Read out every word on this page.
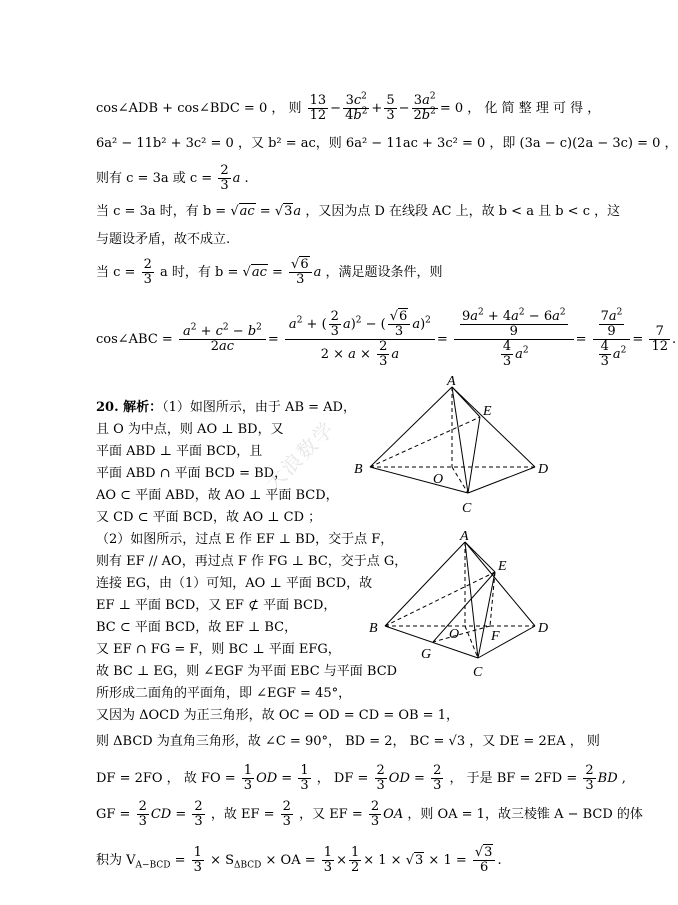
大浪数学
cos∠ADB + cos∠BDC = 0 ， 则 $\frac{13}{12} - \frac{3c^2}{4b^2} + \frac{5}{3} - \frac{3a^2}{2b^2} = 0$ ， 化 简 整 理 可 得 ，
6a² − 11b² + 3c² = 0 ，又 b² = ac，则 6a² − 11ac + 3c² = 0 ，即 (3a − c)(2a − 3c) = 0 ，
则有 c = 3a 或 $c = \frac{2}{3}$ a .
当 c = 3a 时，有 b = √ac = √3a ，又因为点 D 在线段 AC 上，故 b < a 且 b < c ，这
与题设矛盾，故不成立.
当 $c = \frac{2}{3}$ a 时，有 $b = √ac = \frac{√6}{3}$ a ，满足题设条件，则
cos∠ABC = $\frac{a^2 + c^2 - b^2}{2ac} = \frac{a^2 + ( \frac{2}{3} a)^2 - ( \frac{√6}{3} a)^2}{2 \times a \times \frac{2}{3} a} = \frac{\frac{9a^2 + 4a^2 - 6a^2}{9}}{\frac{4}{3} a^2} = \frac{\frac{7a^2}{9}}{\frac{4}{3} a^2} = \frac{7}{12}$ .
20. 解析：（1）如图所示，由于 AB = AD，
且 O 为中点，则 AO ⊥ BD，又
平面 ABD ⊥ 平面 BCD，且
平面 ABD ∩ 平面 BCD = BD，
AO ⊂ 平面 ABD，故 AO ⊥ 平面 BCD，
又 CD ⊂ 平面 BCD，故 AO ⊥ CD ；
（2）如图所示，过点 E 作 EF ⊥ BD，交于点 F，
则有 EF // AO，再过点 F 作 FG ⊥ BC，交于点 G，
连接 EG，由（1）可知，AO ⊥ 平面 BCD，故
EF ⊥ 平面 BCD，又 EF ⊄ 平面 BCD，
BC ⊂ 平面 BCD，故 EF ⊥ BC，
又 EF ∩ FG = F，则 BC ⊥ 平面 EFG，
故 BC ⊥ EG，则 ∠EGF 为平面 EBC 与平面 BCD
所形成二面角的平面角，即 ∠EGF = 45°，
又因为 ΔOCD 为正三角形，故 OC = OD = CD = OB = 1，
则 ΔBCD 为直角三角形，故 ∠C = 90°， BD = 2， BC = √3 ，又 DE = 2EA ， 则
DF = 2FO ， 故 FO = $\frac{1}{3}$ OD = $\frac{1}{3}$ ， DF = $\frac{2}{3}$ OD = $\frac{2}{3}$ ， 于是 BF = $2FD = \frac{2}{3}$ BD ,
GF = $\frac{2}{3}$ CD = $\frac{2}{3}$ ，故 EF = $\frac{2}{3}$ ，又 EF = $\frac{2}{3}$ OA ，则 OA = 1，故三棱锥 A − BCD 的体
积为 $V_{A-BCD} = \frac{1}{3} \times S_{\Delta BCD}$ × OA = $\frac{1}{3} \times \frac{1}{2} \times 1 \times √3 \times 1 = \frac{√3}{6}$ .
A
E
B
O
D
C
A
E
B	O F
D
G
C
